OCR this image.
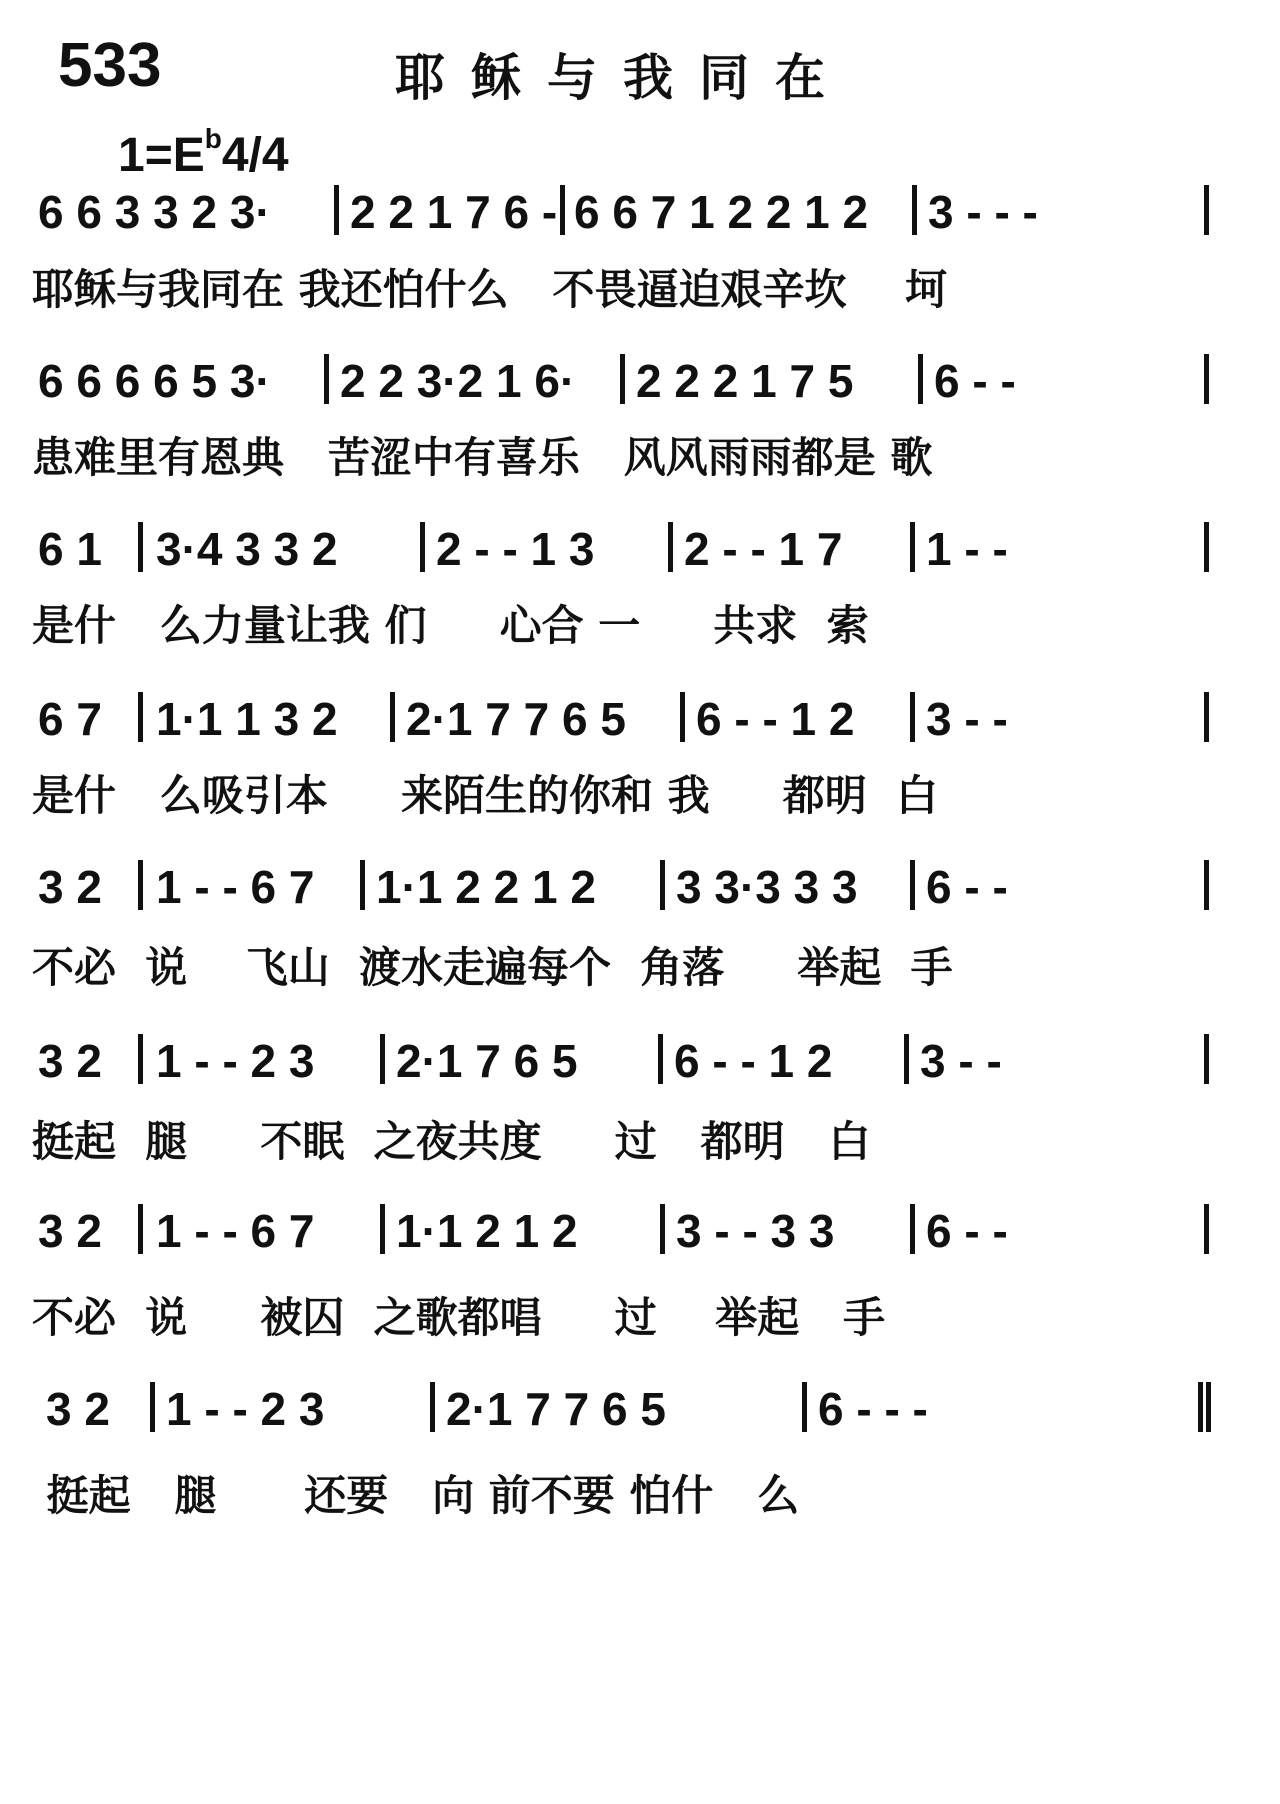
533	耶稣与我同在
$1=E^b4/4$
6 6 3 3 2 3· 2 2 1 7 6 - 6 6 7 1 2 2 1 2 3 - - -
耶稣与我同在 我还怕什么   不畏逼迫艰辛坎    坷
6 6 6 6 5 3· 2 2 3·2 1 6· 2 2 2 1 7 5 6 - -
患难里有恩典   苦涩中有喜乐   风风雨雨都是 歌
6 1 3·4 3 3 2 2 - - 1 3 2 - - 1 7 1 - -
是什   么力量让我 们     心合 一     共求  索
6 7 1·1 1 3 2 2·1 7 7 6 5 6 - - 1 2 3 - -
是什   么吸引本     来陌生的你和 我     都明  白
3 2 1 - - 6 7 1·1 2 2 1 2 3 3·3 3 3 6 - -
不必  说    飞山  渡水走遍每个  角落     举起  手
3 2 1 - - 2 3 2·1 7 6 5 6 - - 1 2 3 - -
挺起  腿     不眠  之夜共度     过   都明   白
3 2 1 - - 6 7 1·1 2 1 2 3 - - 3 3 6 - -
不必  说     被囚  之歌都唱     过    举起   手
3 2 1 - - 2 3	2·1 7 7 6 5	6 - - -
挺起   腿      还要   向 前不要 怕什   么
